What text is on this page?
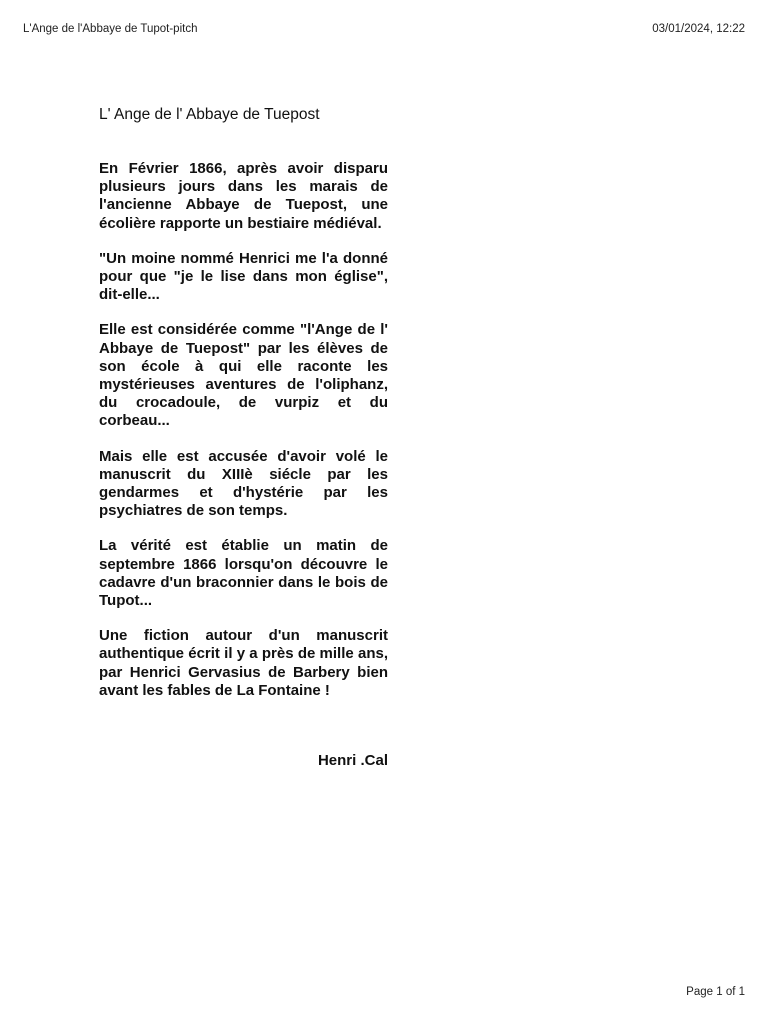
L'Ange de l'Abbaye de Tupot-pitch	03/01/2024, 12:22
L' Ange de l' Abbaye de Tuepost

En Février 1866, après avoir disparu plusieurs jours dans les marais de l'ancienne Abbaye de Tuepost, une écolière rapporte un bestiaire médiéval.

"Un moine nommé Henrici me l'a donné pour que "je le lise dans mon église", dit-elle...

Elle est considérée comme "l'Ange de l' Abbaye de Tuepost" par les élèves de son école à qui elle raconte les mystérieuses aventures de l'oliphanz, du crocadoule, de vurpiz et du corbeau...

Mais elle est accusée d'avoir volé le manuscrit du XIIIè siécle par les gendarmes et d'hystérie par les psychiatres de son temps.

La vérité est établie un matin de septembre 1866 lorsqu'on découvre le cadavre d'un braconnier dans le bois de Tupot...

Une fiction autour d'un manuscrit authentique écrit il y a près de mille ans, par Henrici Gervasius de Barbery bien avant les fables de La Fontaine !

Henri .Cal
Page 1 of 1
